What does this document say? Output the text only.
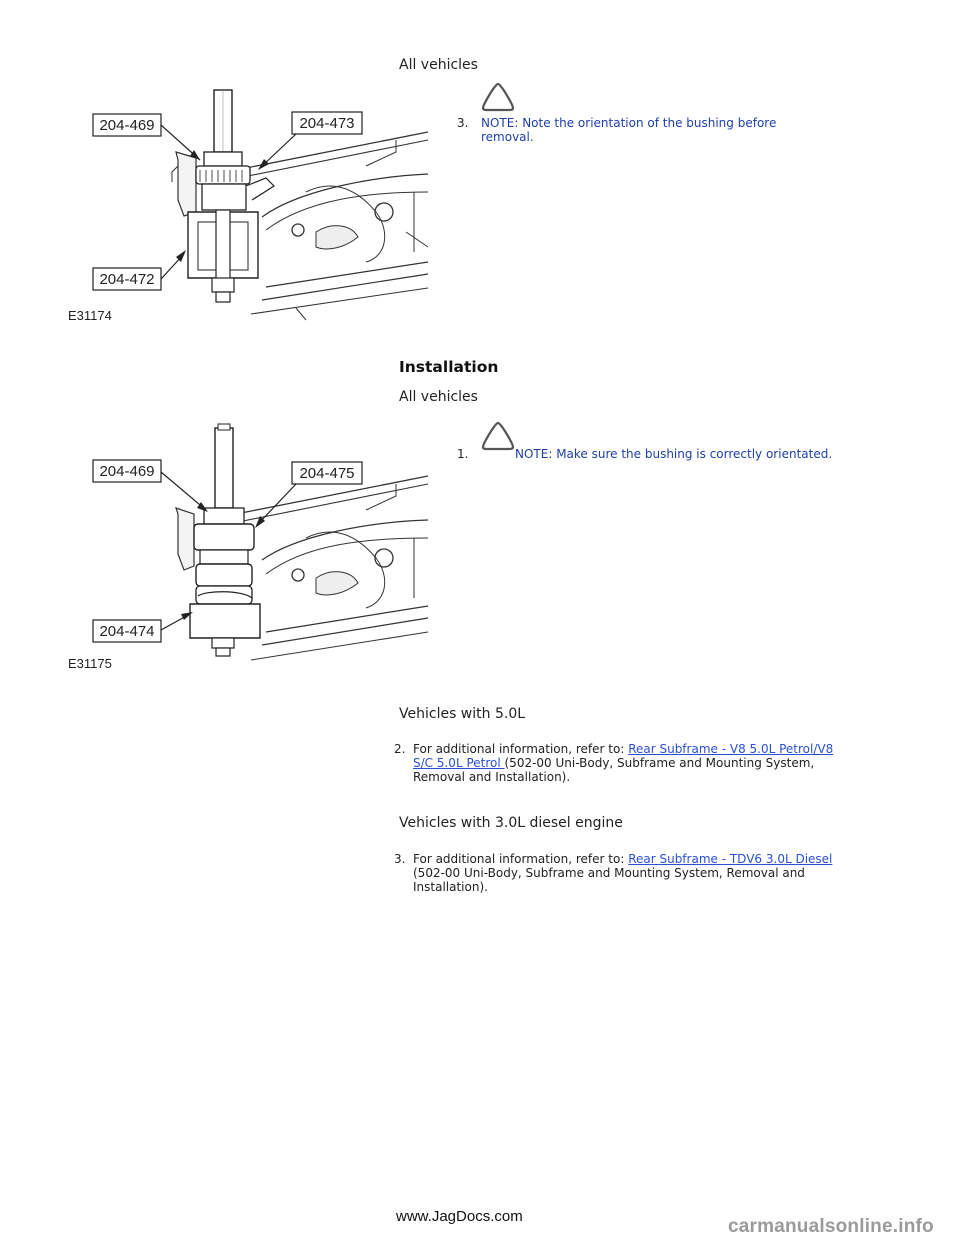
All vehicles
204-469	204-473
204-472
E31174
3. NOTE: Note the orientation of the bushing before
removal.
Installation
All vehicles
204-469	204-475
204-474
E31175
1.	NOTE: Make sure the bushing is correctly orientated.
Vehicles with 5.0L
2. For additional information, refer to: Rear Subframe - V8 5.0L Petrol/V8
S/C 5.0L Petrol (502-00 Uni-Body, Subframe and Mounting System,
Removal and Installation).
Vehicles with 3.0L diesel engine
3. For additional information, refer to: Rear Subframe - TDV6 3.0L Diesel
(502-00 Uni-Body, Subframe and Mounting System, Removal and
Installation).
www.JagDocs.com	carmanualsonline.info
